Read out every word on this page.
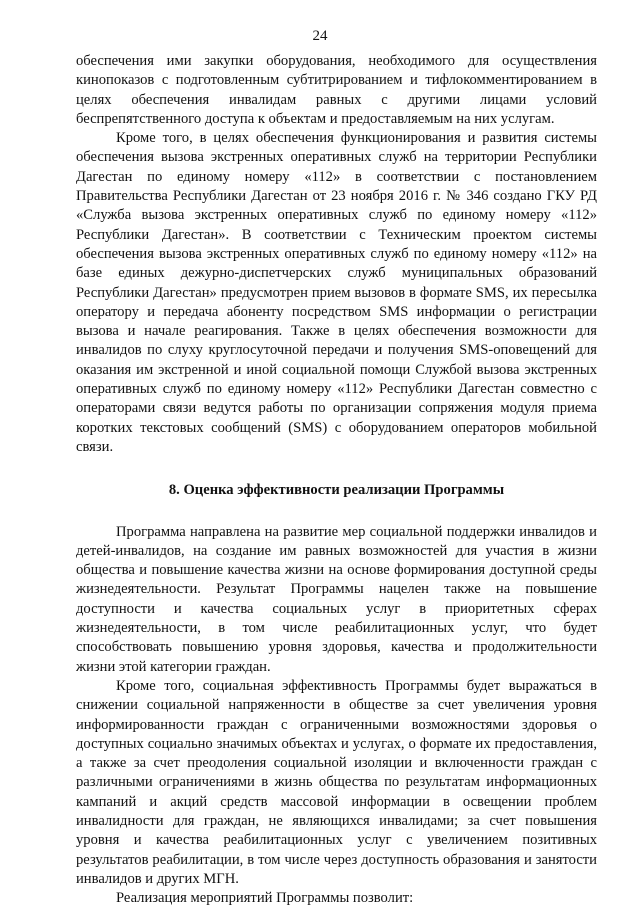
24

обеспечения ими закупки оборудования, необходимого для осуществления кинопоказов с подготовленным субтитрированием и тифлокомментированием в целях обеспечения инвалидам равных с другими лицами условий беспрепятственного доступа к объектам и предоставляемым на них услугам.

Кроме того, в целях обеспечения функционирования и развития системы обеспечения вызова экстренных оперативных служб на территории Республики Дагестан по единому номеру «112» в соответствии с постановлением Правительства Республики Дагестан от 23 ноября 2016 г. № 346 создано ГКУ РД «Служба вызова экстренных оперативных служб по единому номеру «112» Республики Дагестан». В соответствии с Техническим проектом системы обеспечения вызова экстренных оперативных служб по единому номеру «112» на базе единых дежурно-диспетчерских служб муниципальных образований Республики Дагестан» предусмотрен прием вызовов в формате SMS, их пересылка оператору и передача абоненту посредством SMS информации о регистрации вызова и начале реагирования. Также в целях обеспечения возможности для инвалидов по слуху круглосуточной передачи и получения SMS-оповещений для оказания им экстренной и иной социальной помощи Службой вызова экстренных оперативных служб по единому номеру «112» Республики Дагестан совместно с операторами связи ведутся работы по организации сопряжения модуля приема коротких текстовых сообщений (SMS) с оборудованием операторов мобильной связи.

8. Оценка эффективности реализации Программы

Программа направлена на развитие мер социальной поддержки инвалидов и детей-инвалидов, на создание им равных возможностей для участия в жизни общества и повышение качества жизни на основе формирования доступной среды жизнедеятельности. Результат Программы нацелен также на повышение доступности и качества социальных услуг в приоритетных сферах жизнедеятельности, в том числе реабилитационных услуг, что будет способствовать повышению уровня здоровья, качества и продолжительности жизни этой категории граждан.

Кроме того, социальная эффективность Программы будет выражаться в снижении социальной напряженности в обществе за счет увеличения уровня информированности граждан с ограниченными возможностями здоровья о доступных социально значимых объектах и услугах, о формате их предоставления, а также за счет преодоления социальной изоляции и включенности граждан с различными ограничениями в жизнь общества по результатам информационных кампаний и акций средств массовой информации в освещении проблем инвалидности для граждан, не являющихся инвалидами; за счет повышения уровня и качества реабилитационных услуг с увеличением позитивных результатов реабилитации, в том числе через доступность образования и занятости инвалидов и других МГН.

Реализация мероприятий Программы позволит:
